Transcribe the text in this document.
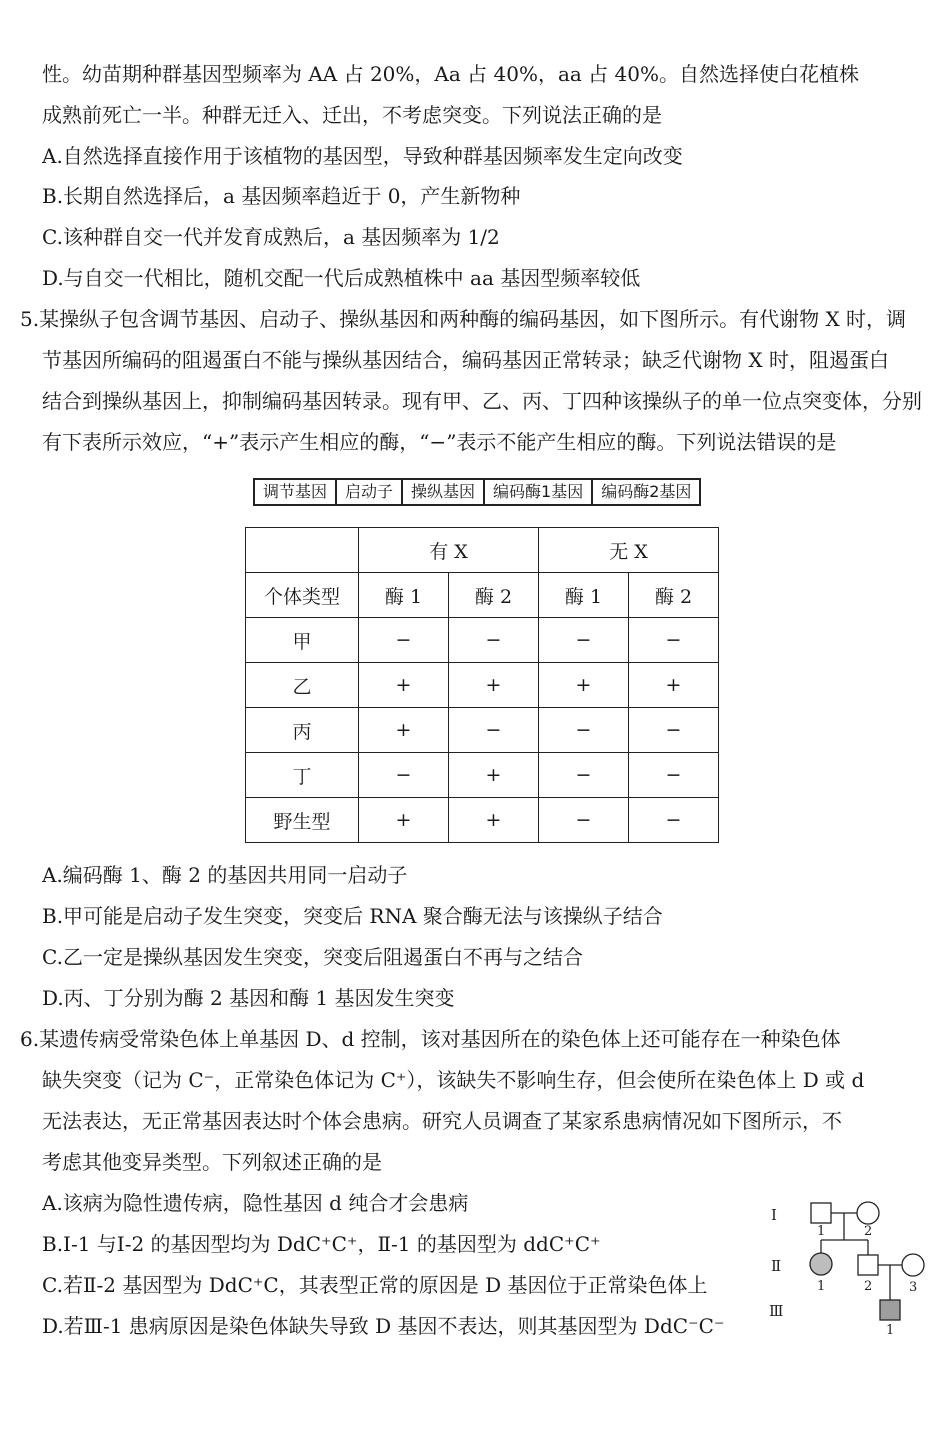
性。幼苗期种群基因型频率为 AA 占 20%，Aa 占 40%，aa 占 40%。自然选择使白花植株
成熟前死亡一半。种群无迁入、迁出，不考虑突变。下列说法正确的是
A.自然选择直接作用于该植物的基因型，导致种群基因频率发生定向改变
B.长期自然选择后，a 基因频率趋近于 0，产生新物种
C.该种群自交一代并发育成熟后，a 基因频率为 1/2
D.与自交一代相比，随机交配一代后成熟植株中 aa 基因型频率较低
5.某操纵子包含调节基因、启动子、操纵基因和两种酶的编码基因，如下图所示。有代谢物 X 时，调
节基因所编码的阻遏蛋白不能与操纵基因结合，编码基因正常转录；缺乏代谢物 X 时，阻遏蛋白
结合到操纵基因上，抑制编码基因转录。现有甲、乙、丙、丁四种该操纵子的单一位点突变体，分别
有下表所示效应，“+”表示产生相应的酶，“−”表示不能产生相应的酶。下列说法错误的是
调节基因	启动子	操纵基因	编码酶1基因	编码酶2基因
	有 X		无 X	
个体类型	酶 1	酶 2	酶 1	酶 2
甲	−	−	−	−
乙	+	+	+	+
丙	+	−	−	−
丁	−	+	−	−
野生型	+	+	−	−
A.编码酶 1、酶 2 的基因共用同一启动子
B.甲可能是启动子发生突变，突变后 RNA 聚合酶无法与该操纵子结合
C.乙一定是操纵基因发生突变，突变后阻遏蛋白不再与之结合
D.丙、丁分别为酶 2 基因和酶 1 基因发生突变
6.某遗传病受常染色体上单基因 D、d 控制，该对基因所在的染色体上还可能存在一种染色体
缺失突变（记为 C⁻，正常染色体记为 C⁺），该缺失不影响生存，但会使所在染色体上 D 或 d
无法表达，无正常基因表达时个体会患病。研究人员调查了某家系患病情况如下图所示，不
考虑其他变异类型。下列叙述正确的是
A.该病为隐性遗传病，隐性基因 d 纯合才会患病
B.Ⅰ-1 与Ⅰ-2 的基因型均为 DdC⁺C⁺，Ⅱ-1 的基因型为 ddC⁺C⁺
C.若Ⅱ-2 基因型为 DdC⁺C，其表型正常的原因是 D 基因位于正常染色体上
D.若Ⅲ-1 患病原因是染色体缺失导致 D 基因不表达，则其基因型为 DdC⁻C⁻
Ⅰ
Ⅱ
Ⅲ
1	2
1	2	3
1
